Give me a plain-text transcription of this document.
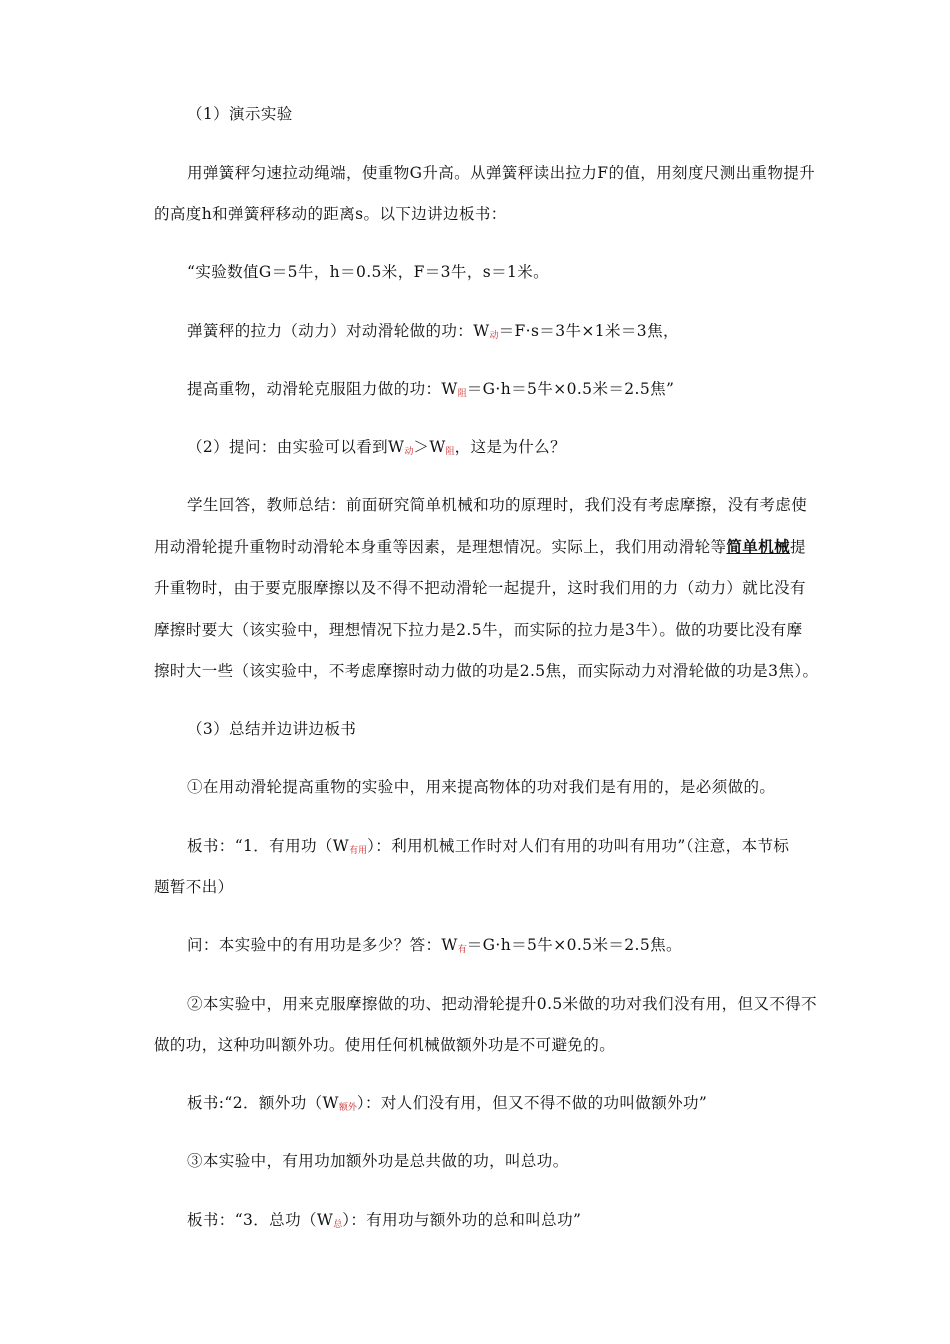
（1）演示实验
用弹簧秤匀速拉动绳端，使重物G升高。从弹簧秤读出拉力F的值，用刻度尺测出重物提升
的高度h和弹簧秤移动的距离s。以下边讲边板书：
“实验数值G＝5牛，h＝0.5米，F＝3牛，s＝1米。
弹簧秤的拉力（动力）对动滑轮做的功：$W_动=F\cdot s=3$牛×1米＝3焦，
提高重物，动滑轮克服阻力做的功：$W_阻=G\cdot h=5$牛×0.5米＝2.5焦”
（2）提问：由实验可以看到$W_动>W_阻$，这是为什么？
学生回答，教师总结：前面研究简单机械和功的原理时，我们没有考虑摩擦，没有考虑使
用动滑轮提升重物时动滑轮本身重等因素，是理想情况。实际上，我们用动滑轮等简单机械提
升重物时，由于要克服摩擦以及不得不把动滑轮一起提升，这时我们用的力（动力）就比没有
摩擦时要大（该实验中，理想情况下拉力是2.5牛，而实际的拉力是3牛）。做的功要比没有摩
擦时大一些（该实验中，不考虑摩擦时动力做的功是2.5焦，而实际动力对滑轮做的功是3焦）。
（3）总结并边讲边板书
①在用动滑轮提高重物的实验中，用来提高物体的功对我们是有用的，是必须做的。
板书：“1．有用功$(W_{有用})$：利用机械工作时对人们有用的功叫有用功”（注意，本节标
题暂不出）
问：本实验中的有用功是多少？答：$W_有=G\cdot h=5$牛×0.5米＝2.5焦。
②本实验中，用来克服摩擦做的功、把动滑轮提升0.5米做的功对我们没有用，但又不得不
做的功，这种功叫额外功。使用任何机械做额外功是不可避免的。
板书:“2．额外功$(W_{额外})$：对人们没有用，但又不得不做的功叫做额外功”
③本实验中，有用功加额外功是总共做的功，叫总功。
板书：“3．总功$(W_总)$：有用功与额外功的总和叫总功”
